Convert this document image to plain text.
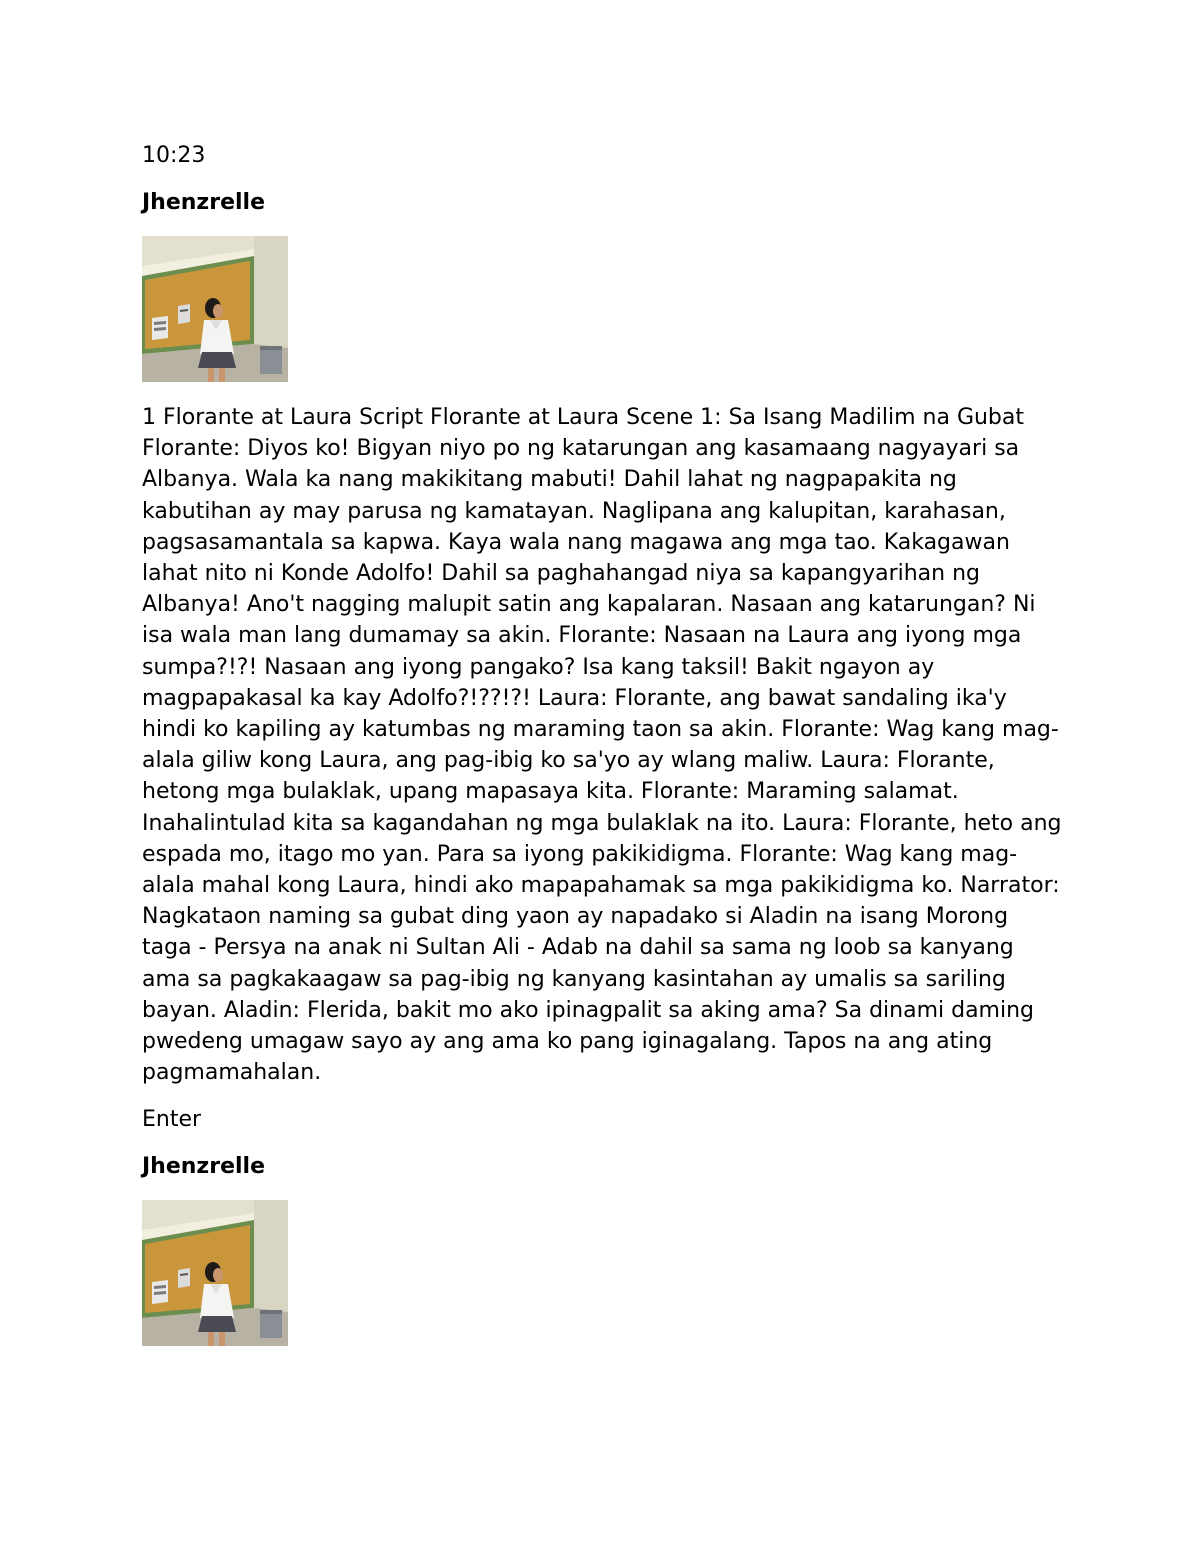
10:23
Jhenzrelle
1 Florante at Laura Script Florante at Laura Scene 1: Sa Isang Madilim na Gubat Florante: Diyos ko! Bigyan niyo po ng katarungan ang kasamaang nagyayari sa Albanya. Wala ka nang makikitang mabuti! Dahil lahat ng nagpapakita ng kabutihan ay may parusa ng kamatayan. Naglipana ang kalupitan, karahasan, pagsasamantala sa kapwa. Kaya wala nang magawa ang mga tao. Kakagawan lahat nito ni Konde Adolfo! Dahil sa paghahangad niya sa kapangyarihan ng Albanya! Ano't nagging malupit satin ang kapalaran. Nasaan ang katarungan? Ni isa wala man lang dumamay sa akin. Florante: Nasaan na Laura ang iyong mga sumpa?!?! Nasaan ang iyong pangako? Isa kang taksil! Bakit ngayon ay magpapakasal ka kay Adolfo?!??!?! Laura: Florante, ang bawat sandaling ika'y hindi ko kapiling ay katumbas ng maraming taon sa akin. Florante: Wag kang mag-alala giliw kong Laura, ang pag-ibig ko sa'yo ay wlang maliw. Laura: Florante, hetong mga bulaklak, upang mapasaya kita. Florante: Maraming salamat. Inahalintulad kita sa kagandahan ng mga bulaklak na ito. Laura: Florante, heto ang espada mo, itago mo yan. Para sa iyong pakikidigma. Florante: Wag kang mag-alala mahal kong Laura, hindi ako mapapahamak sa mga pakikidigma ko. Narrator: Nagkataon naming sa gubat ding yaon ay napadako si Aladin na isang Morong taga - Persya na anak ni Sultan Ali - Adab na dahil sa sama ng loob sa kanyang ama sa pagkakaagaw sa pag-ibig ng kanyang kasintahan ay umalis sa sariling bayan. Aladin: Flerida, bakit mo ako ipinagpalit sa aking ama? Sa dinami daming pwedeng umagaw sayo ay ang ama ko pang iginagalang. Tapos na ang ating pagmamahalan.
Enter
Jhenzrelle
